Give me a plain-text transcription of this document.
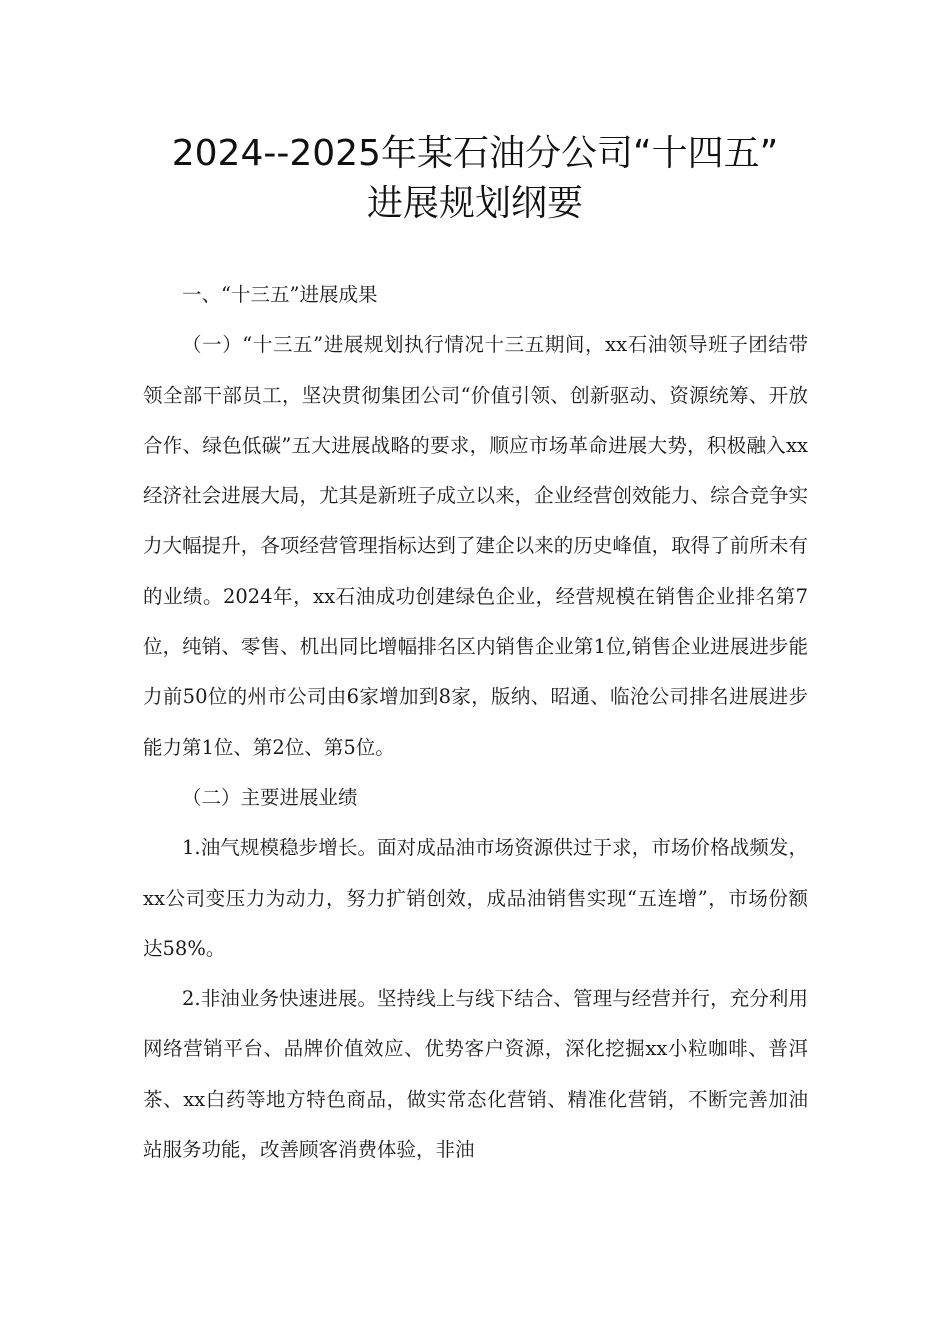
2024--2025年某石油分公司“十四五”
进展规划纲要

一、“十三五”进展成果

（一）“十三五”进展规划执行情况十三五期间，xx石油领导班子团结带领全部干部员工，坚决贯彻集团公司“价值引领、创新驱动、资源统筹、开放合作、绿色低碳”五大进展战略的要求，顺应市场革命进展大势，积极融入xx经济社会进展大局，尤其是新班子成立以来，企业经营创效能力、综合竞争实力大幅提升，各项经营管理指标达到了建企以来的历史峰值，取得了前所未有的业绩。2024年，xx石油成功创建绿色企业，经营规模在销售企业排名第7位，纯销、零售、机出同比增幅排名区内销售企业第1位,销售企业进展进步能力前50位的州市公司由6家增加到8家，版纳、昭通、临沧公司排名进展进步能力第1位、第2位、第5位。

（二）主要进展业绩

1.油气规模稳步增长。面对成品油市场资源供过于求，市场价格战频发，xx公司变压力为动力，努力扩销创效，成品油销售实现“五连增”，市场份额达58%。

2.非油业务快速进展。坚持线上与线下结合、管理与经营并行，充分利用网络营销平台、品牌价值效应、优势客户资源，深化挖掘xx小粒咖啡、普洱茶、xx白药等地方特色商品，做实常态化营销、精准化营销，不断完善加油站服务功能，改善顾客消费体验，非油
